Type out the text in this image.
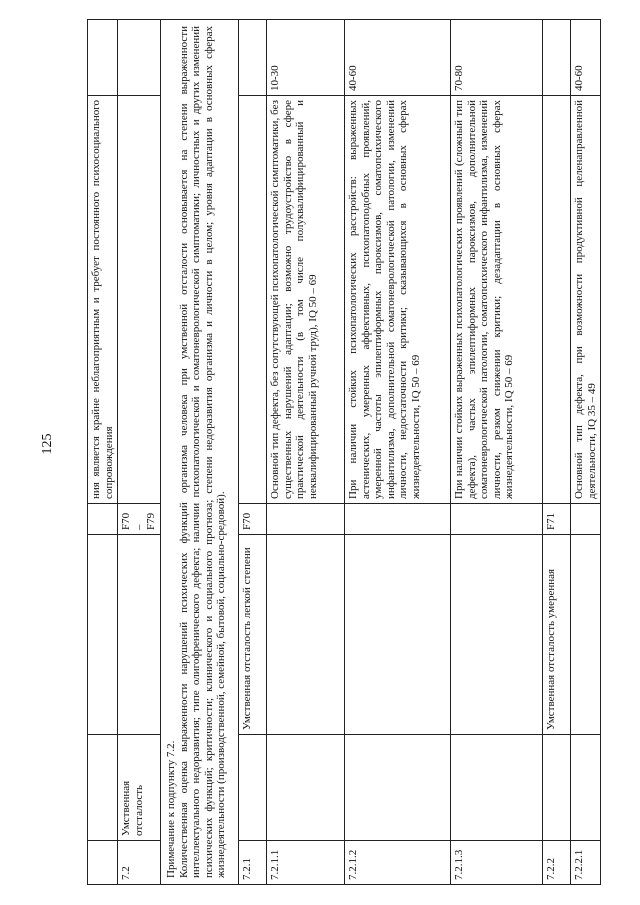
125
					ния является крайне неблагоприятным и требует постоянного психосоциального сопровождения	
7.2	Умственная отсталость		F70 – F79		

Примечание к подпункту 7.2. Количественная оценка выраженности нарушений психических функций организма человека при умственной отсталости основывается на степени выраженности интеллектуального недоразвития; типе олигофренического дефекта; наличии психопатологической и соматоневрологической симптоматики; личностных и других изменений психических функций; критичности; клинического и социального прогноза; степени недоразвития организма и личности в целом; уровня адаптации в основных сферах жизнедеятельности (производственной, семейной, бытовой, социально-средовой).					
7.2.1		Умственная отсталость легкой степени	F70		
7.2.1.1				Основной тип дефекта, без сопутствующей психопатологической симптоматики, без существенных нарушений адаптации; возможно трудоустройство в сфере практической деятельности (в том числе полуквалифицированный и неквалифицированный ручной труд), IQ 50 – 69	10-30
7.2.1.2				При наличии стойких психопатологических расстройств: выраженных астенических, умеренных аффективных, психопатоподобных проявлений, умеренной частоты эпилептиформных пароксизмов, соматопсихического инфантилизма, дополнительной соматоневрологической патологии, изменений личности, недостаточности критики; сказывающихся в основных сферах жизнедеятельности, IQ 50 – 69	40-60
7.2.1.3				При наличии стойких выраженных психопатологических проявлений (сложный тип дефекта), частых эпилептиформных пароксизмов, дополнительной соматоневрологической патологии, соматопсихического инфантилизма, изменений личности, резком снижении критики; дезадаптации в основных сферах жизнедеятельности, IQ 50 – 69	70-80
7.2.2		Умственная отсталость умеренная	F71		
7.2.2.1				Основной тип дефекта, при возможности продуктивной целенаправленной деятельности, IQ 35 – 49	40-60
